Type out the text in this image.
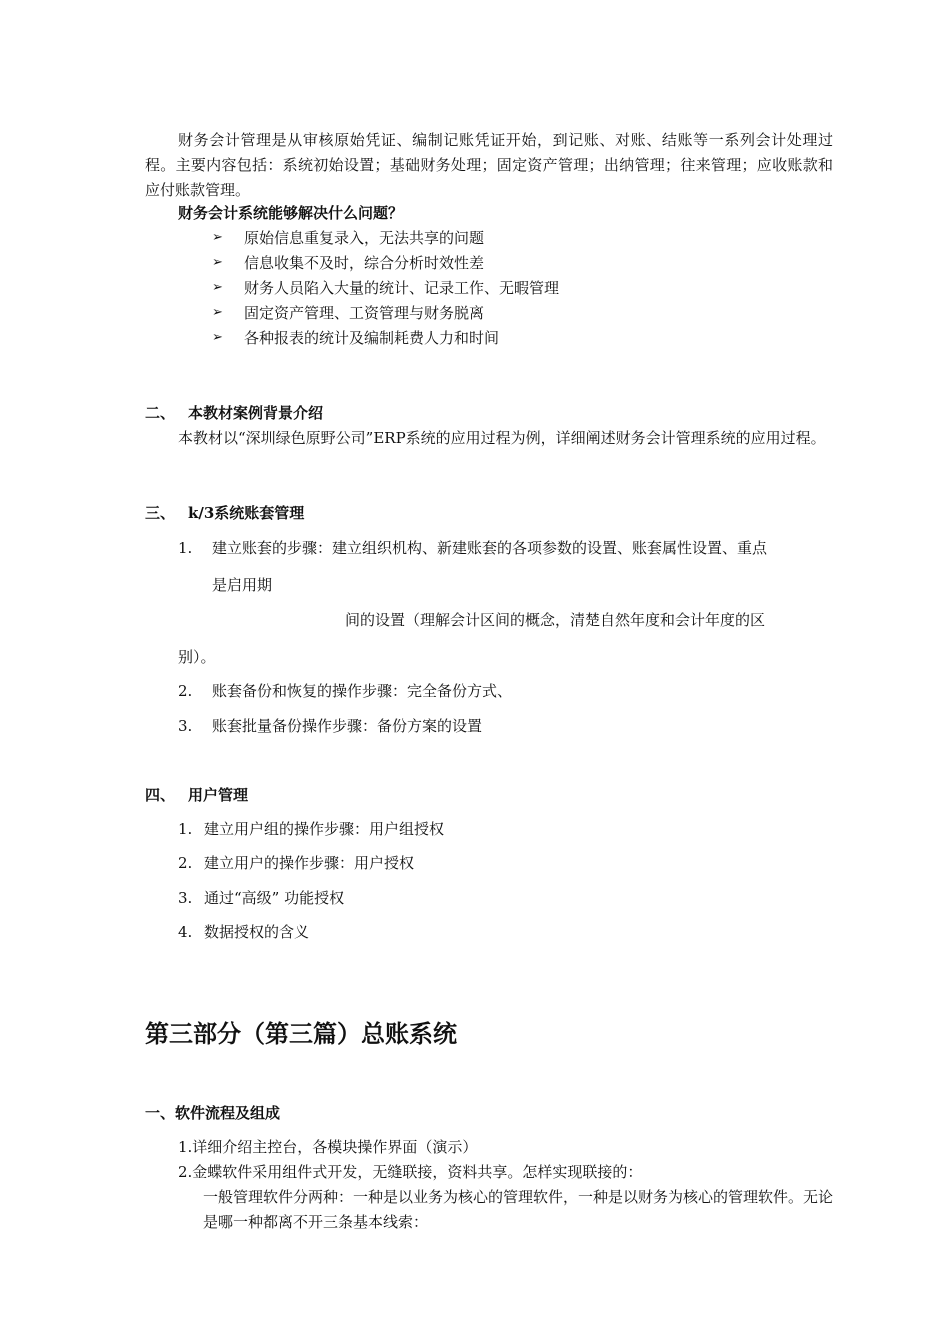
财务会计管理是从审核原始凭证、编制记账凭证开始，到记账、对账、结账等一系列会计处理过程。主要内容包括：系统初始设置；基础财务处理；固定资产管理；出纳管理；往来管理；应收账款和应付账款管理。
财务会计系统能够解决什么问题？
➢ 原始信息重复录入，无法共享的问题
➢ 信息收集不及时，综合分析时效性差
➢ 财务人员陷入大量的统计、记录工作、无暇管理
➢ 固定资产管理、工资管理与财务脱离
➢ 各种报表的统计及编制耗费人力和时间
二、 本教材案例背景介绍
本教材以“深圳绿色原野公司”ERP系统的应用过程为例，详细阐述财务会计管理系统的应用过程。
三、 k/3系统账套管理
1. 建立账套的步骤：建立组织机构、新建账套的各项参数的设置、账套属性设置、重点
是启用期
间的设置（理解会计区间的概念，清楚自然年度和会计年度的区
别）。
2. 账套备份和恢复的操作步骤：完全备份方式、
3. 账套批量备份操作步骤：备份方案的设置
四、 用户管理
1. 建立用户组的操作步骤：用户组授权
2. 建立用户的操作步骤：用户授权
3. 通过“高级” 功能授权
4. 数据授权的含义
第三部分（第三篇）总账系统
一、软件流程及组成
1.详细介绍主控台，各模块操作界面（演示）
2.金蝶软件采用组件式开发，无缝联接，资料共享。怎样实现联接的：
一般管理软件分两种：一种是以业务为核心的管理软件，一种是以财务为核心的管理软件。无论是哪一种都离不开三条基本线索：
